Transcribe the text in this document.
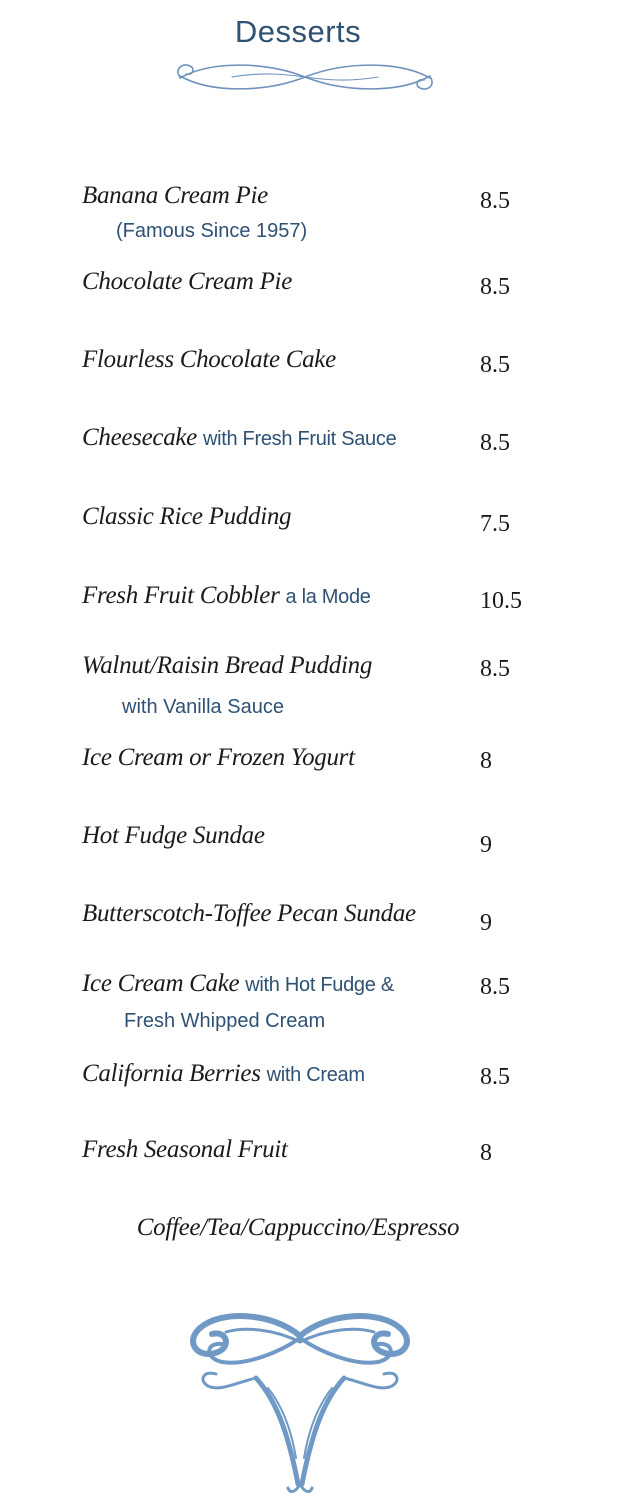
Desserts
Banana Cream Pie
(Famous Since 1957)
8.5
Chocolate Cream Pie	8.5
Flourless Chocolate Cake	8.5
Cheesecake with Fresh Fruit Sauce	8.5
Classic Rice Pudding	7.5
Fresh Fruit Cobbler a la Mode	10.5
Walnut/Raisin Bread Pudding
with Vanilla Sauce
8.5
Ice Cream or Frozen Yogurt	8
Hot Fudge Sundae	9
Butterscotch-Toffee Pecan Sundae	9
Ice Cream Cake with Hot Fudge &
Fresh Whipped Cream
8.5
California Berries with Cream	8.5
Fresh Seasonal Fruit	8
Coffee/Tea/Cappuccino/Espresso
